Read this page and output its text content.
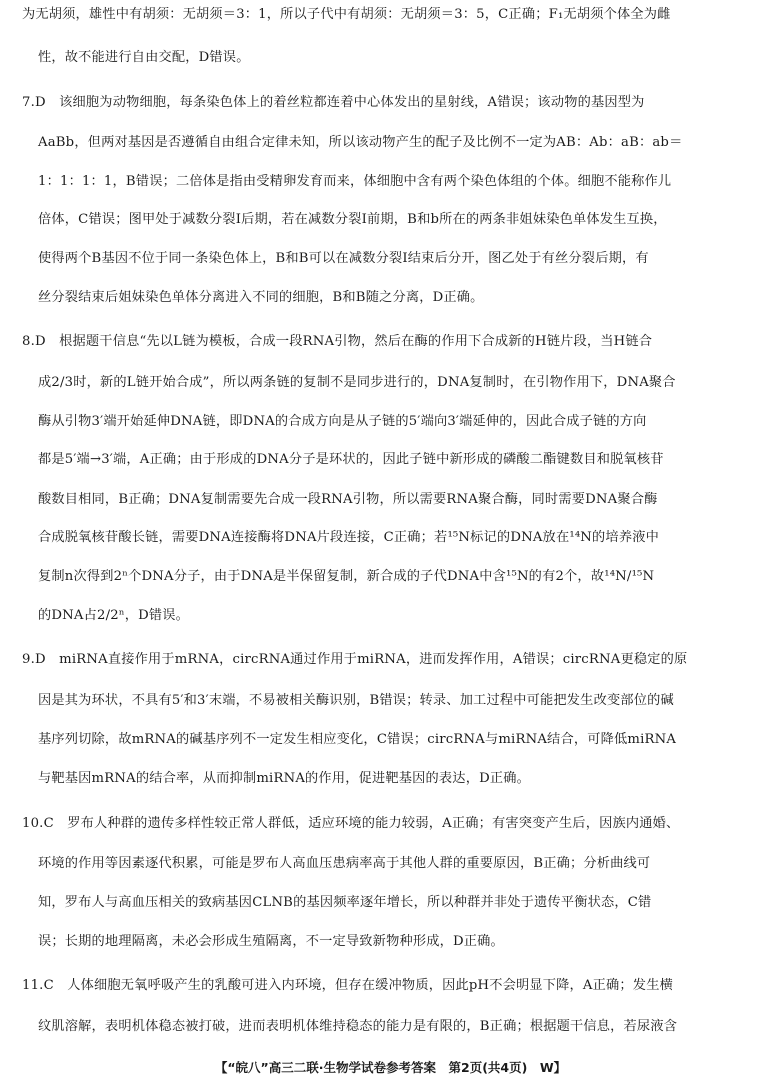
为无胡须，雄性中有胡须：无胡须＝3：1，所以子代中有胡须：无胡须＝3：5，C正确；F₁无胡须个体全为雌
性，故不能进行自由交配，D错误。
7.D　该细胞为动物细胞，每条染色体上的着丝粒都连着中心体发出的星射线，A错误；该动物的基因型为
AaBb，但两对基因是否遵循自由组合定律未知，所以该动物产生的配子及比例不一定为AB：Ab：aB：ab＝
1：1：1：1，B错误；二倍体是指由受精卵发育而来，体细胞中含有两个染色体组的个体。细胞不能称作儿
倍体，C错误；图甲处于减数分裂Ⅰ后期，若在减数分裂Ⅰ前期，B和b所在的两条非姐妹染色单体发生互换，
使得两个B基因不位于同一条染色体上，B和B可以在减数分裂Ⅰ结束后分开，图乙处于有丝分裂后期，有
丝分裂结束后姐妹染色单体分离进入不同的细胞，B和B随之分离，D正确。
8.D　根据题干信息“先以L链为模板，合成一段RNA引物，然后在酶的作用下合成新的H链片段，当H链合
成2/3时，新的L链开始合成”，所以两条链的复制不是同步进行的，DNA复制时，在引物作用下，DNA聚合
酶从引物3′端开始延伸DNA链，即DNA的合成方向是从子链的5′端向3′端延伸的，因此合成子链的方向
都是5′端→3′端，A正确；由于形成的DNA分子是环状的，因此子链中新形成的磷酸二酯键数目和脱氧核苷
酸数目相同，B正确；DNA复制需要先合成一段RNA引物，所以需要RNA聚合酶，同时需要DNA聚合酶
合成脱氧核苷酸长链，需要DNA连接酶将DNA片段连接，C正确；若¹⁵N标记的DNA放在¹⁴N的培养液中
复制n次得到2ⁿ个DNA分子，由于DNA是半保留复制，新合成的子代DNA中含¹⁵N的有2个，故¹⁴N/¹⁵N
的DNA占2/2ⁿ，D错误。
9.D　miRNA直接作用于mRNA，circRNA通过作用于miRNA，进而发挥作用，A错误；circRNA更稳定的原
因是其为环状，不具有5′和3′末端，不易被相关酶识别，B错误；转录、加工过程中可能把发生改变部位的碱
基序列切除，故mRNA的碱基序列不一定发生相应变化，C错误；circRNA与miRNA结合，可降低miRNA
与靶基因mRNA的结合率，从而抑制miRNA的作用，促进靶基因的表达，D正确。
10.C　罗布人种群的遗传多样性较正常人群低，适应环境的能力较弱，A正确；有害突变产生后，因族内通婚、
环境的作用等因素逐代积累，可能是罗布人高血压患病率高于其他人群的重要原因，B正确；分析曲线可
知，罗布人与高血压相关的致病基因CLNB的基因频率逐年增长，所以种群并非处于遗传平衡状态，C错
误；长期的地理隔离，未必会形成生殖隔离，不一定导致新物种形成，D正确。
11.C　人体细胞无氧呼吸产生的乳酸可进入内环境，但存在缓冲物质，因此pH不会明显下降，A正确；发生横
纹肌溶解，表明机体稳态被打破，进而表明机体维持稳态的能力是有限的，B正确；根据题干信息，若尿液含
【“皖八”高三二联·生物学试卷参考答案　第2页(共4页)　W】
